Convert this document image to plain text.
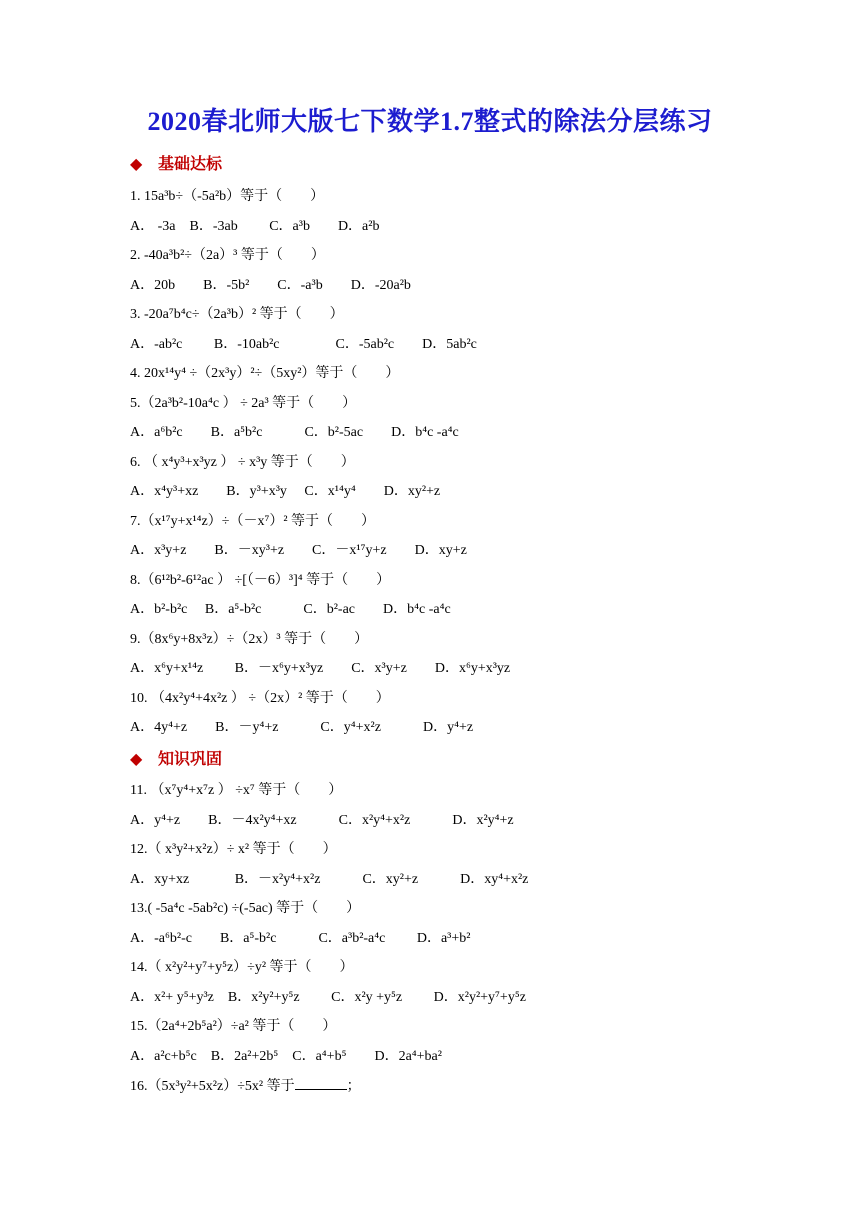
2020春北师大版七下数学1.7整式的除法分层练习
◆ 基础达标
1. 15a³b÷（-5a²b）等于（　　）
A． -3a　B．-3ab　　 C．a³b　　D．a²b
2. -40a³b²÷（2a）³ 等于（　　）
A．20b　　B．-5b²　　C．-a³b　　D．-20a²b
3. -20a⁷b⁴c÷（2a³b）² 等于（　　）
A．-ab²c　　 B．-10ab²c　　　　C．-5ab²c　　D．5ab²c
4. 20x¹⁴y⁴ ÷（2x³y）²÷（5xy²）等于（　　）
5.（2a³b²-10a⁴c ） ÷ 2a³ 等于（　　）
A．a⁶b²c　　B．a⁵b²c　　　C．b²-5ac　　D．b⁴c -a⁴c
6. （ x⁴y³+x³yz ） ÷ x³y 等于（　　）
A．x⁴y³+xz　　B．y³+x³y　 C．x¹⁴y⁴　　D．xy²+z
7.（x¹⁷y+x¹⁴z）÷（－x⁷）² 等于（　　）
A．x³y+z　　B．－xy³+z　　C．－x¹⁷y+z　　D．xy+z
8.（6¹²b²-6¹²ac ） ÷[（－6）³]⁴ 等于（　　）
A．b²-b²c　 B．a⁵-b²c　　　C．b²-ac　　D．b⁴c -a⁴c
9.（8x⁶y+8x³z）÷（2x）³ 等于（　　）
A．x⁶y+x¹⁴z　　 B．－x⁶y+x³yz　　C．x³y+z　　D．x⁶y+x³yz
10. （4x²y⁴+4x²z ） ÷（2x）² 等于（　　）
A．4y⁴+z　　B．－y⁴+z　　　C．y⁴+x²z　　　D．y⁴+z
◆ 知识巩固
11. （x⁷y⁴+x⁷z ） ÷x⁷ 等于（　　）
A．y⁴+z　　B．－4x²y⁴+xz　　　C．x²y⁴+x²z　　　D．x²y⁴+z
12.（ x³y²+x²z）÷ x² 等于（　　）
A．xy+xz　　　 B．－x²y⁴+x²z　　　C．xy²+z　　　D．xy⁴+x²z
13.( -5a⁴c -5ab²c) ÷(-5ac) 等于（　　）
A．-a⁶b²-c　　B．a⁵-b²c　　　C．a³b²-a⁴c　　 D．a³+b²
14.（ x²y²+y⁷+y⁵z）÷y² 等于（　　）
A．x²+ y⁵+y³z　B．x²y²+y⁵z　　 C．x²y +y⁵z　　 D．x²y²+y⁷+y⁵z
15.（2a⁴+2b⁵a²）÷a² 等于（　　）
A．a²c+b⁵c　B．2a²+2b⁵　C．a⁴+b⁵　　D．2a⁴+ba²
16.（5x³y²+5x²z）÷5x² 等于	；
